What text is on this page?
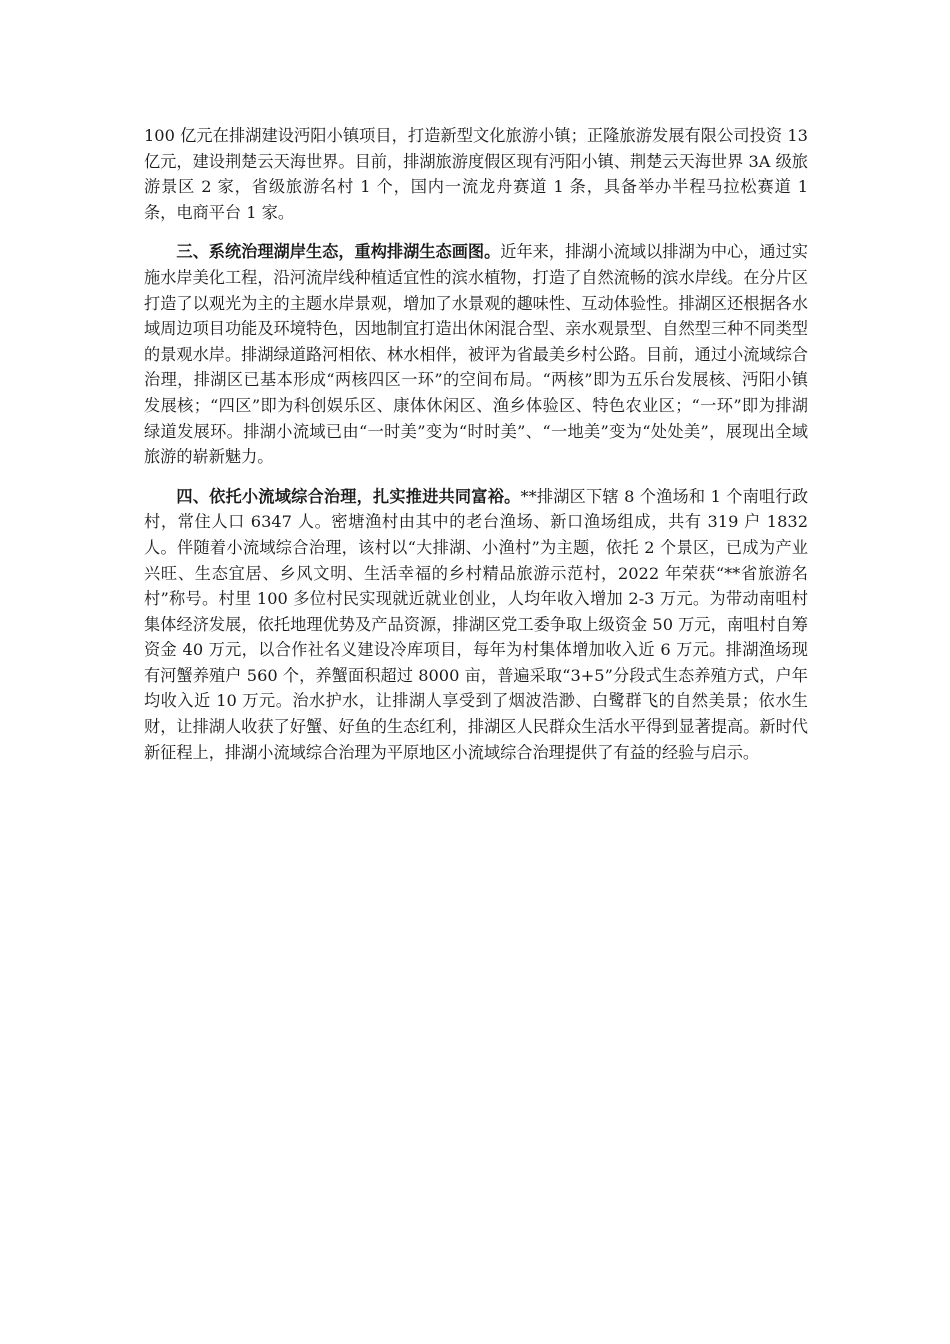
100 亿元在排湖建设沔阳小镇项目，打造新型文化旅游小镇；正隆旅游发展有限公司投资 13 亿元，建设荆楚云天海世界。目前，排湖旅游度假区现有沔阳小镇、荆楚云天海世界 3A 级旅游景区 2 家，省级旅游名村 1 个，国内一流龙舟赛道 1 条，具备举办半程马拉松赛道 1 条，电商平台 1 家。

三、系统治理湖岸生态，重构排湖生态画图。近年来，排湖小流域以排湖为中心，通过实施水岸美化工程，沿河流岸线种植适宜性的滨水植物，打造了自然流畅的滨水岸线。在分片区打造了以观光为主的主题水岸景观，增加了水景观的趣味性、互动体验性。排湖区还根据各水域周边项目功能及环境特色，因地制宜打造出休闲混合型、亲水观景型、自然型三种不同类型的景观水岸。排湖绿道路河相依、林水相伴，被评为省最美乡村公路。目前，通过小流域综合治理，排湖区已基本形成“两核四区一环”的空间布局。“两核”即为五乐台发展核、沔阳小镇发展核；“四区”即为科创娱乐区、康体休闲区、渔乡体验区、特色农业区；“一环”即为排湖绿道发展环。排湖小流域已由“一时美”变为“时时美”、“一地美”变为“处处美”，展现出全域旅游的崭新魅力。

四、依托小流域综合治理，扎实推进共同富裕。**排湖区下辖 8 个渔场和 1 个南咀行政村，常住人口 6347 人。密塘渔村由其中的老台渔场、新口渔场组成，共有 319 户 1832 人。伴随着小流域综合治理，该村以“大排湖、小渔村”为主题，依托 2 个景区，已成为产业兴旺、生态宜居、乡风文明、生活幸福的乡村精品旅游示范村，2022 年荣获“**省旅游名村”称号。村里 100 多位村民实现就近就业创业，人均年收入增加 2-3 万元。为带动南咀村集体经济发展，依托地理优势及产品资源，排湖区党工委争取上级资金 50 万元，南咀村自筹资金 40 万元，以合作社名义建设冷库项目，每年为村集体增加收入近 6 万元。排湖渔场现有河蟹养殖户 560 个，养蟹面积超过 8000 亩，普遍采取“3+5”分段式生态养殖方式，户年均收入近 10 万元。治水护水，让排湖人享受到了烟波浩渺、白鹭群飞的自然美景；依水生财，让排湖人收获了好蟹、好鱼的生态红利，排湖区人民群众生活水平得到显著提高。新时代新征程上，排湖小流域综合治理为平原地区小流域综合治理提供了有益的经验与启示。
